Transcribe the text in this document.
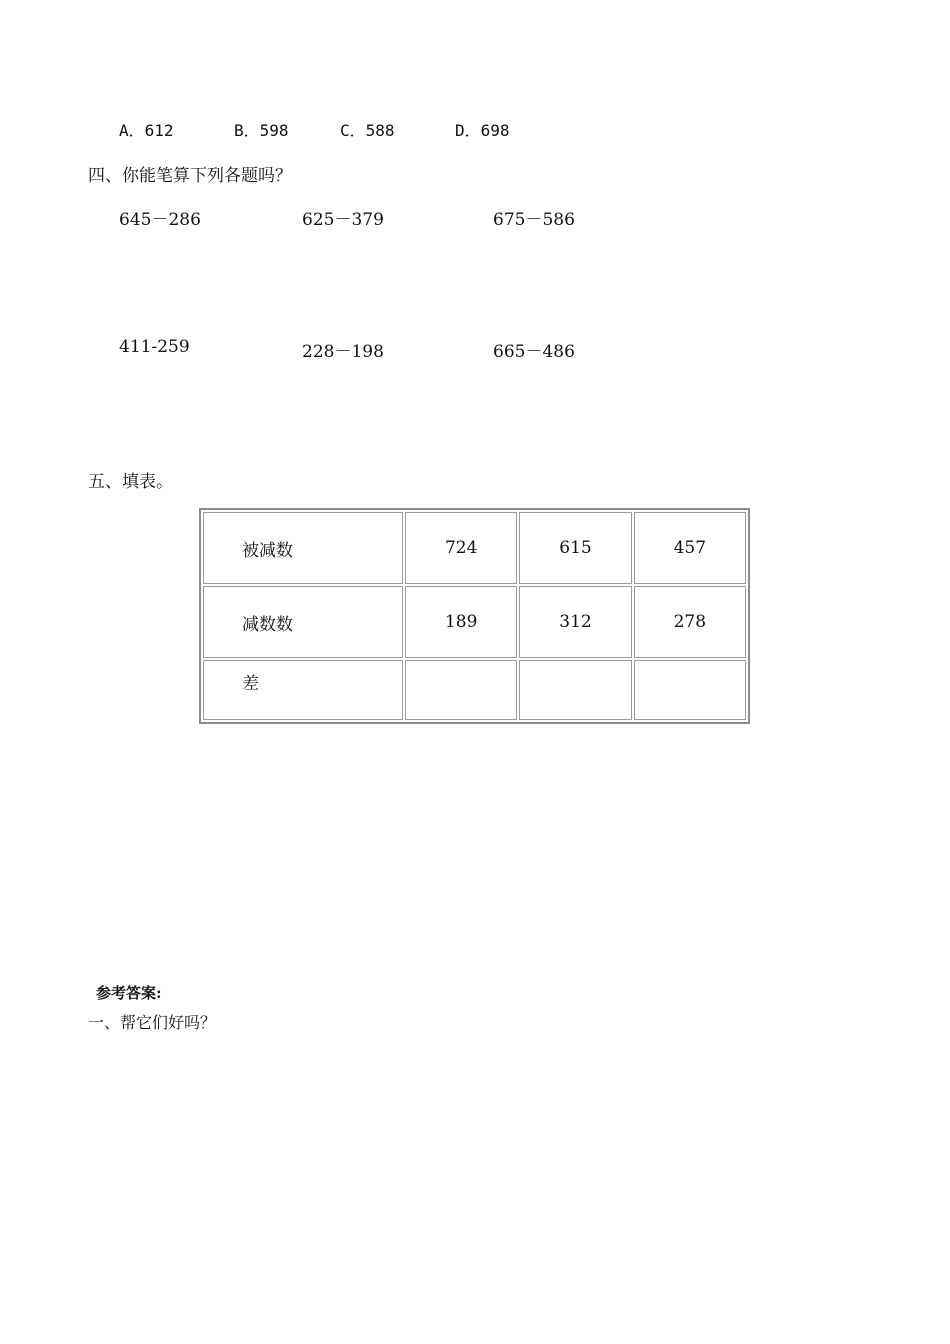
A．612	B．598	C．588	D．698
四、你能笔算下列各题吗？
645－286	625－379	675－586
411-259	228－198	665－486
五、填表。
被减数	724	615	457
减数数	189	312	278
差			
参考答案:
一、帮它们好吗？
